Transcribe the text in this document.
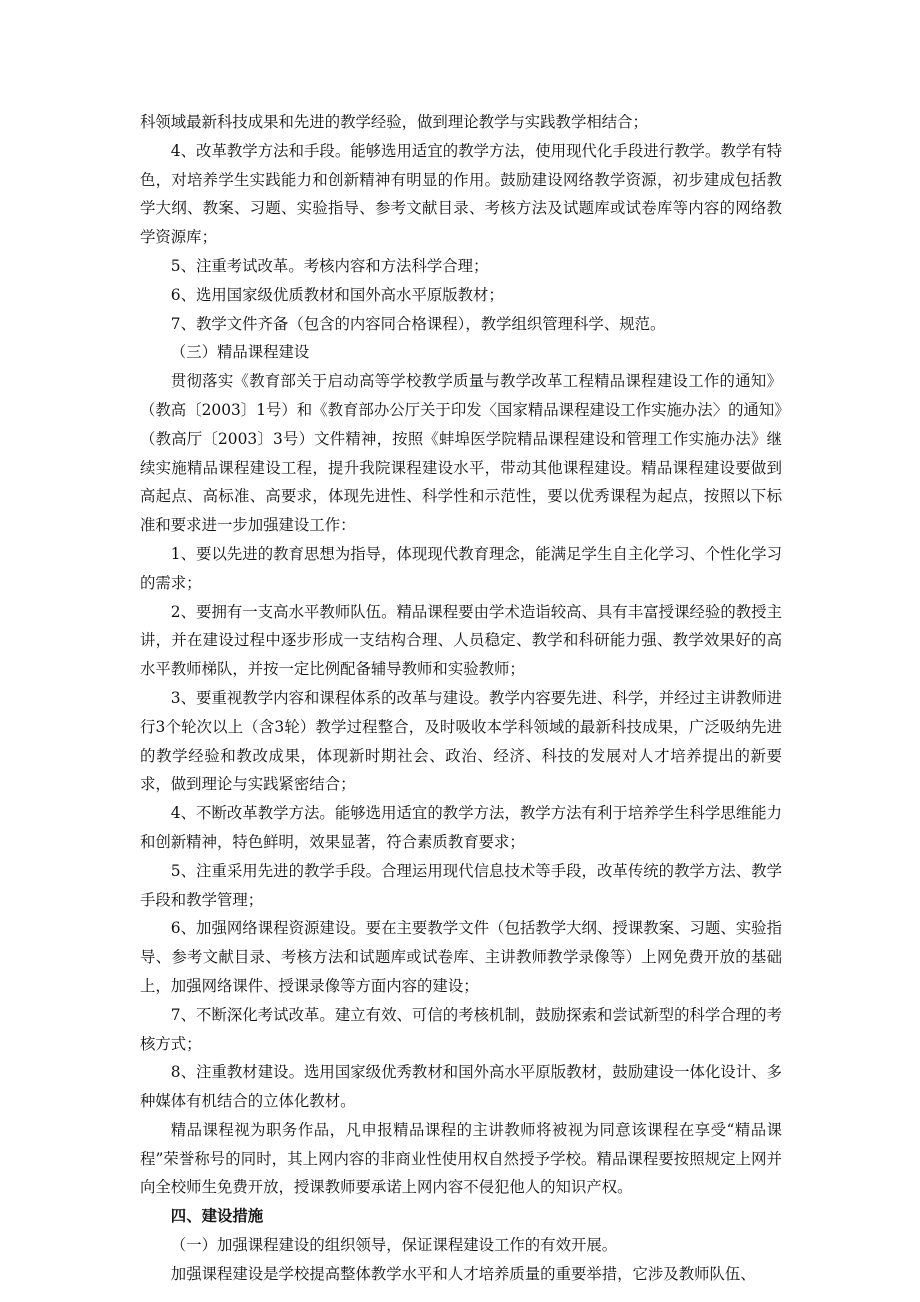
科领域最新科技成果和先进的教学经验，做到理论教学与实践教学相结合；

4、改革教学方法和手段。能够选用适宜的教学方法，使用现代化手段进行教学。教学有特色，对培养学生实践能力和创新精神有明显的作用。鼓励建设网络教学资源，初步建成包括教学大纲、教案、习题、实验指导、参考文献目录、考核方法及试题库或试卷库等内容的网络教学资源库；

5、注重考试改革。考核内容和方法科学合理；

6、选用国家级优质教材和国外高水平原版教材；

7、教学文件齐备（包含的内容同合格课程），教学组织管理科学、规范。

（三）精品课程建设

贯彻落实《教育部关于启动高等学校教学质量与教学改革工程精品课程建设工作的通知》（教高〔2003〕1号）和《教育部办公厅关于印发〈国家精品课程建设工作实施办法〉的通知》（教高厅〔2003〕3号）文件精神，按照《蚌埠医学院精品课程建设和管理工作实施办法》继续实施精品课程建设工程，提升我院课程建设水平，带动其他课程建设。精品课程建设要做到高起点、高标准、高要求，体现先进性、科学性和示范性，要以优秀课程为起点，按照以下标准和要求进一步加强建设工作：

1、要以先进的教育思想为指导，体现现代教育理念，能满足学生自主化学习、个性化学习的需求；

2、要拥有一支高水平教师队伍。精品课程要由学术造诣较高、具有丰富授课经验的教授主讲，并在建设过程中逐步形成一支结构合理、人员稳定、教学和科研能力强、教学效果好的高水平教师梯队，并按一定比例配备辅导教师和实验教师；

3、要重视教学内容和课程体系的改革与建设。教学内容要先进、科学，并经过主讲教师进行3个轮次以上（含3轮）教学过程整合，及时吸收本学科领域的最新科技成果，广泛吸纳先进的教学经验和教改成果，体现新时期社会、政治、经济、科技的发展对人才培养提出的新要求，做到理论与实践紧密结合；

4、不断改革教学方法。能够选用适宜的教学方法，教学方法有利于培养学生科学思维能力和创新精神，特色鲜明，效果显著，符合素质教育要求；

5、注重采用先进的教学手段。合理运用现代信息技术等手段，改革传统的教学方法、教学手段和教学管理；

6、加强网络课程资源建设。要在主要教学文件（包括教学大纲、授课教案、习题、实验指导、参考文献目录、考核方法和试题库或试卷库、主讲教师教学录像等）上网免费开放的基础上，加强网络课件、授课录像等方面内容的建设；

7、不断深化考试改革。建立有效、可信的考核机制，鼓励探索和尝试新型的科学合理的考核方式；

8、注重教材建设。选用国家级优秀教材和国外高水平原版教材，鼓励建设一体化设计、多种媒体有机结合的立体化教材。

精品课程视为职务作品，凡申报精品课程的主讲教师将被视为同意该课程在享受“精品课程”荣誉称号的同时，其上网内容的非商业性使用权自然授予学校。精品课程要按照规定上网并向全校师生免费开放，授课教师要承诺上网内容不侵犯他人的知识产权。

四、建设措施

（一）加强课程建设的组织领导，保证课程建设工作的有效开展。

加强课程建设是学校提高整体教学水平和人才培养质量的重要举措，它涉及教师队伍、
